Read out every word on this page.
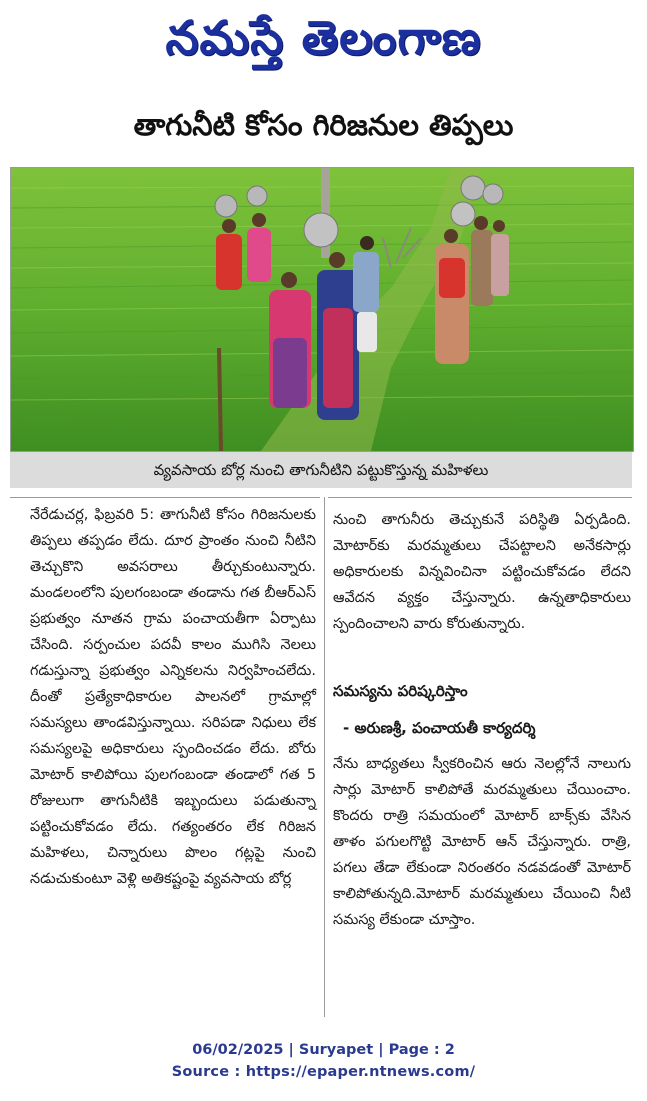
నమస్తే తెలంగాణ
తాగునీటి కోసం గిరిజనుల తిప్పలు
వ్యవసాయ బోర్ల నుంచి తాగునీటిని పట్టుకొస్తున్న మహిళలు
నేరేడుచర్ల, ఫిబ్రవరి 5: తాగునీటి కోసం గిరిజనులకు తిప్పలు తప్పడం లేదు. దూర ప్రాంతం నుంచి నీటిని తెచ్చుకొని అవసరాలు తీర్చుకుంటున్నారు. మండలంలోని పులగంబండా తండాను గత బీఆర్‌ఎస్ ప్రభుత్వం నూతన గ్రామ పంచాయతీగా ఏర్పాటు చేసింది. సర్పంచుల పదవీ కాలం ముగిసి నెలలు గడుస్తున్నా ప్రభుత్వం ఎన్నికలను నిర్వహించలేదు. దీంతో ప్రత్యేకాధికారుల పాలనలో గ్రామాల్లో సమస్యలు తాండవిస్తున్నాయి. సరిపడా నిధులు లేక సమస్యలపై అధికారులు స్పందించడం లేదు. బోరు మోటార్ కాలిపోయి పులగంబండా తండాలో గత 5 రోజులుగా తాగునీటికి ఇబ్బందులు పడుతున్నా పట్టించుకోవడం లేదు. గత్యంతరం లేక గిరిజన మహిళలు, చిన్నారులు పొలం గట్లపై నుంచి నడుచుకుంటూ వెళ్లి అతికష్టంపై వ్యవసాయ బోర్ల
నుంచి తాగునీరు తెచ్చుకునే పరిస్థితి ఏర్పడింది. మోటార్‌కు మరమ్మతులు చేపట్టాలని అనేకసార్లు అధికారులకు విన్నవించినా పట్టించుకోవడం లేదని ఆవేదన వ్యక్తం చేస్తున్నారు. ఉన్నతాధికారులు స్పందించాలని వారు కోరుతున్నారు.
సమస్యను పరిష్కరిస్తాం
- అరుణశ్రీ, పంచాయతీ కార్యదర్శి
నేను బాధ్యతలు స్వీకరించిన ఆరు నెలల్లోనే నాలుగు సార్లు మోటార్ కాలిపోతే మరమ్మతులు చేయించాం. కొందరు రాత్రి సమయంలో మోటార్ బాక్స్‌కు వేసిన తాళం పగులగొట్టి మోటార్ ఆన్ చేస్తున్నారు. రాత్రి, పగలు తేడా లేకుండా నిరంతరం నడవడంతో మోటార్ కాలిపోతున్నది.మోటార్ మరమ్మతులు చేయించి నీటి సమస్య లేకుండా చూస్తాం.
06/02/2025 | Suryapet | Page : 2
Source : https://epaper.ntnews.com/
